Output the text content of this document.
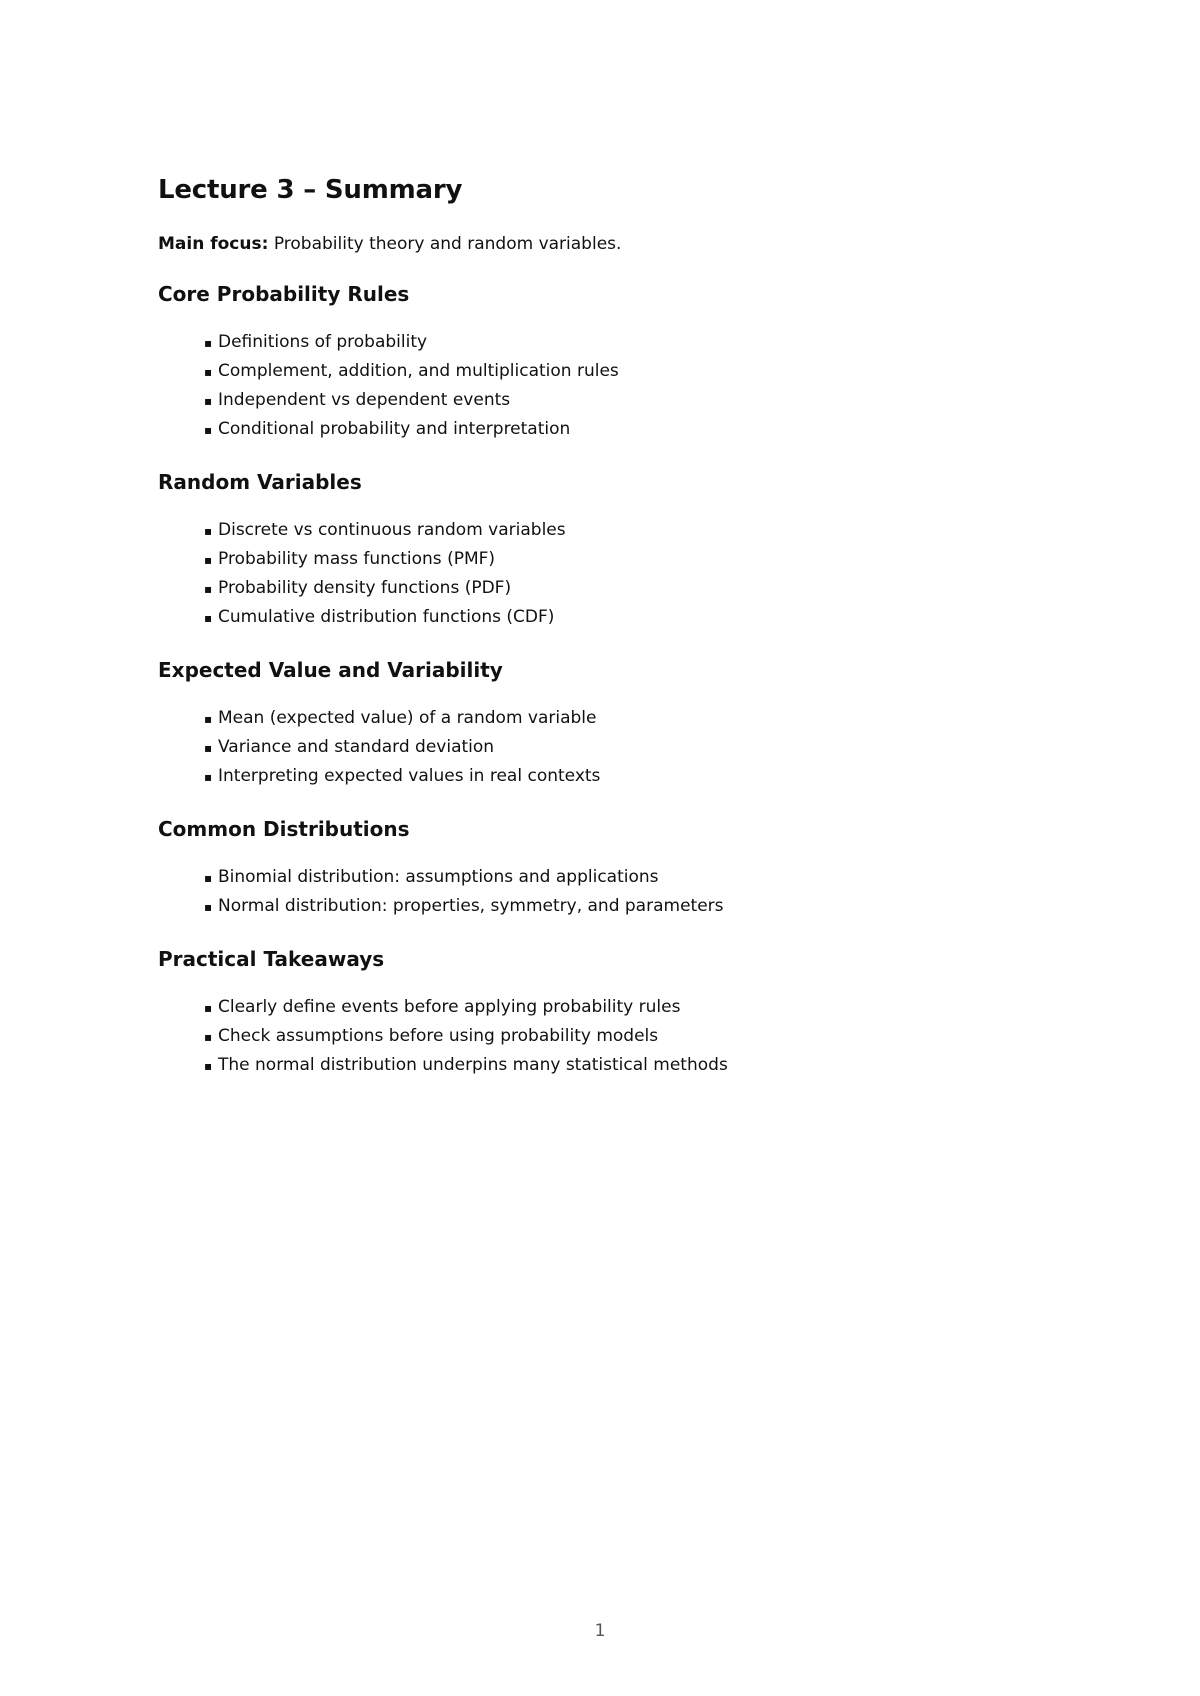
Lecture 3 – Summary
Main focus: Probability theory and random variables.
Core Probability Rules
▪ Definitions of probability
▪ Complement, addition, and multiplication rules
▪ Independent vs dependent events
▪ Conditional probability and interpretation
Random Variables
▪ Discrete vs continuous random variables
▪ Probability mass functions (PMF)
▪ Probability density functions (PDF)
▪ Cumulative distribution functions (CDF)
Expected Value and Variability
▪ Mean (expected value) of a random variable
▪ Variance and standard deviation
▪ Interpreting expected values in real contexts
Common Distributions
▪ Binomial distribution: assumptions and applications
▪ Normal distribution: properties, symmetry, and parameters
Practical Takeaways
▪ Clearly define events before applying probability rules
▪ Check assumptions before using probability models
▪ The normal distribution underpins many statistical methods
1
